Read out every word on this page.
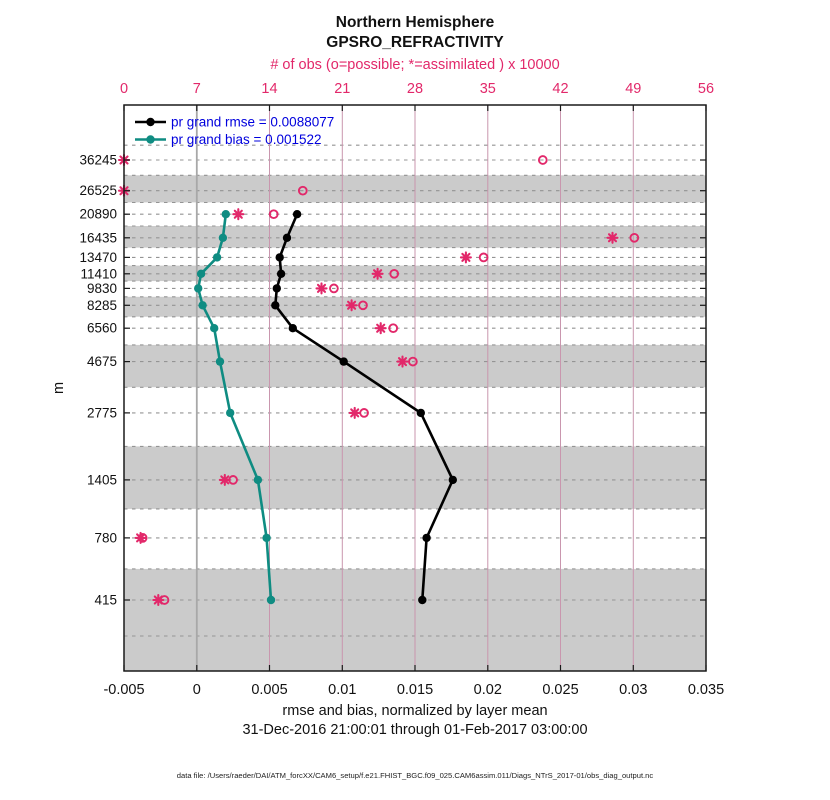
0	7	14	21	28	35	42	49	56
-0.005	0	0.005	0.01	0.015	0.02	0.025	0.03	0.035
415
780
1405
2775
4675
6560
8285
9830
11410
13470
16435
20890
26525
36245
Northern Hemisphere
GPSRO_REFRACTIVITY
# of obs (o=possible; *=assimilated ) x 10000
m
rmse and bias, normalized by layer mean
31-Dec-2016 21:00:01 through 01-Feb-2017 03:00:00
data file: /Users/raeder/DAI/ATM_forcXX/CAM6_setup/f.e21.FHIST_BGC.f09_025.CAM6assim.011/Diags_NTrS_2017-01/obs_diag_output.nc
pr grand rmse = 0.0088077
pr grand bias = 0.001522
